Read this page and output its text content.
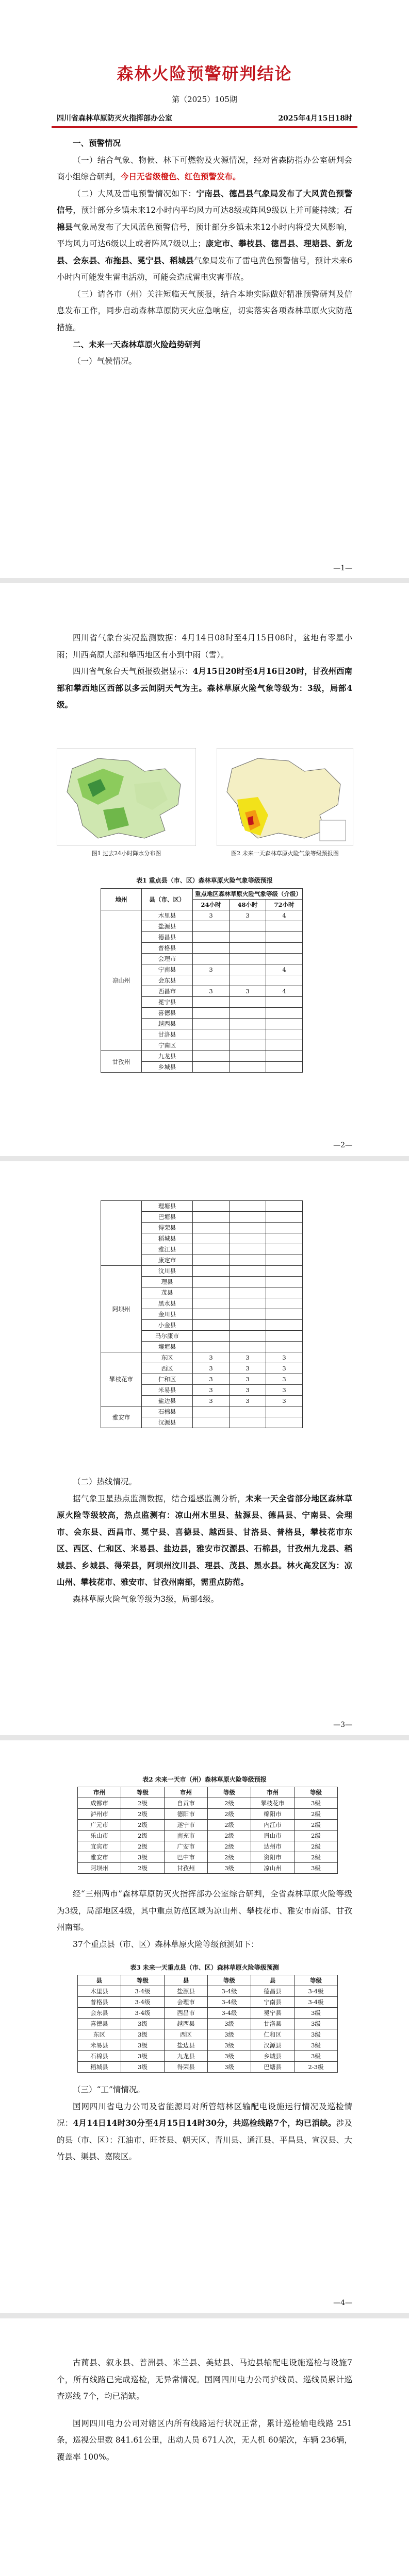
森林火险预警研判结论
第（2025）105期
四川省森林草原防灭火指挥部办公室	2025年4月15日18时
一、预警情况
（一）结合气象、物候、林下可燃物及火源情况，经对省森防指办公室研判会商小组综合研判，今日无省级橙色、红色预警发布。
（二）大风及雷电预警情况如下：宁南县、德昌县气象局发布了大风黄色预警信号，预计部分乡镇未来12小时内平均风力可达8级或阵风9级以上并可能持续；石棉县气象局发布了大风蓝色预警信号，预计部分乡镇未来12小时内将受大风影响，平均风力可达6级以上或者阵风7级以上；康定市、攀枝县、德昌县、理塘县、新龙县、会东县、布拖县、冕宁县、稻城县气象局发布了雷电黄色预警信号，预计未来6小时内可能发生雷电活动，可能会造成雷电灾害事故。
（三）请各市（州）关注短临天气预报，结合本地实际做好精准预警研判及信息发布工作，同步启动森林草原防灭火应急响应，切实落实各项森林草原火灾防范措施。
二、未来一天森林草原火险趋势研判
（一）气候情况。
—1—
四川省气象台实况监测数据：4月14日08时至4月15日08时，盆地有零星小雨；川西高原大部和攀西地区有小到中雨（雪）。
四川省气象台天气预报数据显示：4月15日20时至4月16日20时，甘孜州西南部和攀西地区西部以多云间阴天气为主。森林草原火险气象等级为：3级，局部4级。
图1 过去24小时降水分布图	图2 未来一天森林草原火险气象等级预报图
表1 重点县（市、区）森林草原火险气象等级预报
地州	县（市、区）	重点地区森林草原火险气象等级（介级）		
		24小时	48小时	72小时
凉山州	木里县	3	3	4
	盐源县			
	德昌县			
	普格县			
	会理市			
	宁南县	3		4
	会东县			
	西昌市	3	3	4
	冕宁县			
	喜德县			
	越西县			
	甘洛县			
	宁南区			
甘孜州	九龙县			
	乡城县			
—2—
	理塘县			
	巴塘县			
	得荣县			
	稻城县			
	雅江县			
	康定市			
阿坝州	汶川县			
	理县			
	茂县			
	黑水县			
	金川县			
	小金县			
	马尔康市			
	壤塘县			
攀枝花市	东区	3	3	3
	西区	3	3	3
	仁和区	3	3	3
	米易县	3	3	3
	盐边县	3	3	3
雅安市	石棉县			
	汉源县			
（二）热线情况。
据气象卫星热点监测数据，结合遥感监测分析，未来一天全省部分地区森林草原火险等级较高，热点监测有：凉山州木里县、盐源县、德昌县、宁南县、会理市、会东县、西昌市、冕宁县、喜德县、越西县、甘洛县、普格县，攀枝花市东区、西区、仁和区、米易县、盐边县，雅安市汉源县、石棉县，甘孜州九龙县、稻城县、乡城县、得荣县，阿坝州汶川县、理县、茂县、黑水县。林火高发区为：凉山州、攀枝花市、雅安市、甘孜州南部，需重点防范。
森林草原火险气象等级为3级，局部4级。
—3—
表2 未来一天市（州）森林草原火险等级预报
市州	等级	市州	等级	市州	等级
成都市	2级	自贡市	2级	攀枝花市	3级
泸州市	2级	德阳市	2级	绵阳市	2级
广元市	2级	遂宁市	2级	内江市	2级
乐山市	2级	南充市	2级	眉山市	2级
宜宾市	2级	广安市	2级	达州市	2级
雅安市	3级	巴中市	2级	资阳市	2级
阿坝州	2级	甘孜州	3级	凉山州	3级
经“三州两市”森林草原防灭火指挥部办公室综合研判，全省森林草原火险等级为3级，局部地区4级，其中重点防范区域为凉山州、攀枝花市、雅安市南部、甘孜州南部。
37个重点县（市、区）森林草原火险等级预测如下：
表3 未来一天重点县（市、区）森林草原火险等级预测
县	等级	县	等级	县	等级
木里县	3-4级	盐源县	3-4级	德昌县	3-4级
普格县	3-4级	会理市	3-4级	宁南县	3-4级
会东县	3-4级	西昌市	3-4级	冕宁县	3级
喜德县	3级	越西县	3级	甘洛县	3级
东区	3级	西区	3级	仁和区	3级
米易县	3级	盐边县	3级	汉源县	3级
石棉县	3级	九龙县	3级	乡城县	3级
稻城县	3级	得荣县	3级	巴塘县	2-3级
（三）“工”情情况。
国网四川省电力公司及省能源局对所管辖林区输配电设施运行情况及巡检情况：4月14日14时30分至4月15日14时30分，共巡检线路7个，均已消缺。涉及的县（市、区）：江油市、旺苍县、朝天区、青川县、通江县、平昌县、宣汉县、大竹县、渠县、嘉陵区。
—4—
古蔺县、叙永县、普洲县、米兰县、美姑县、马边县输配电设施巡检与设施7个，所有线路已完成巡检，无异常情况。国网四川电力公司护线员、巡线员累计巡查巡线 7个，均已消缺。
国网四川电力公司对辖区内所有线路运行状况正常，累计巡检输电线路 251条，巡视公里数 841.61公里，出动人员 671人次，无人机 60架次，车辆 236辆，覆盖率 100%。
